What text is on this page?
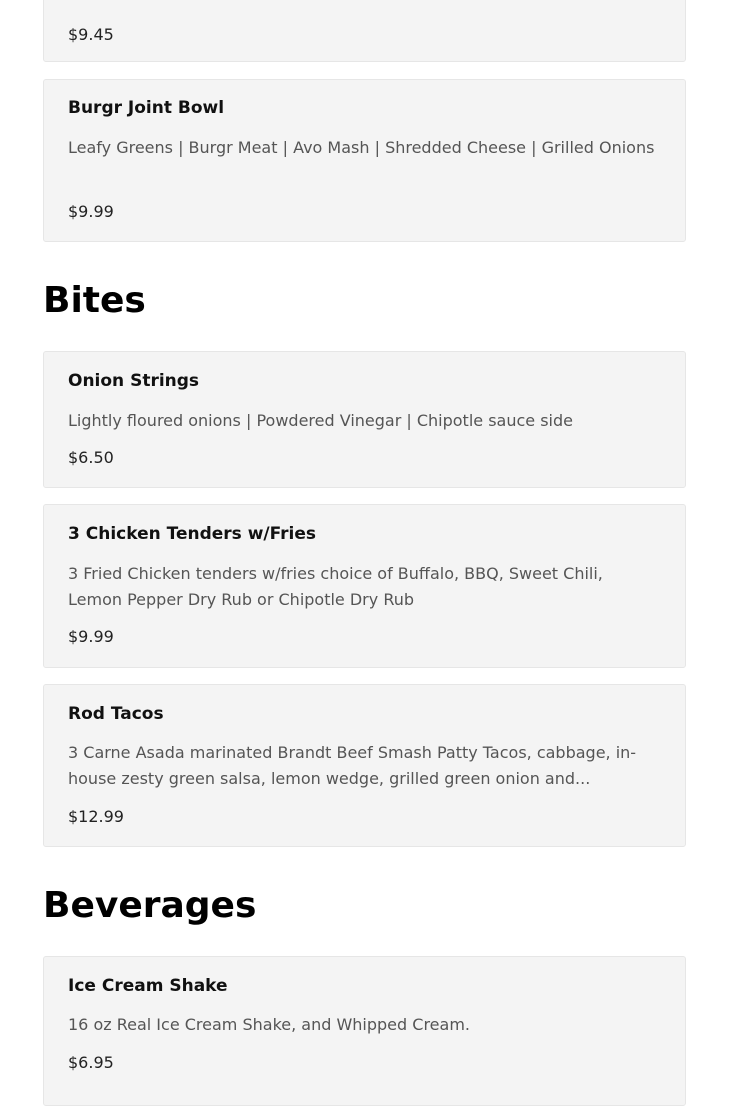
$9.45
Burgr Joint Bowl
Leafy Greens | Burgr Meat | Avo Mash | Shredded Cheese | Grilled Onions
$9.99
Bites
Onion Strings
Lightly floured onions | Powdered Vinegar | Chipotle sauce side
$6.50
3 Chicken Tenders w/Fries
3 Fried Chicken tenders w/fries choice of Buffalo, BBQ, Sweet Chili, Lemon Pepper Dry Rub or Chipotle Dry Rub
$9.99
Rod Tacos
3 Carne Asada marinated Brandt Beef Smash Patty Tacos, cabbage, in-house zesty green salsa, lemon wedge, grilled green onion and...
$12.99
Beverages
Ice Cream Shake
16 oz Real Ice Cream Shake, and Whipped Cream.
$6.95
